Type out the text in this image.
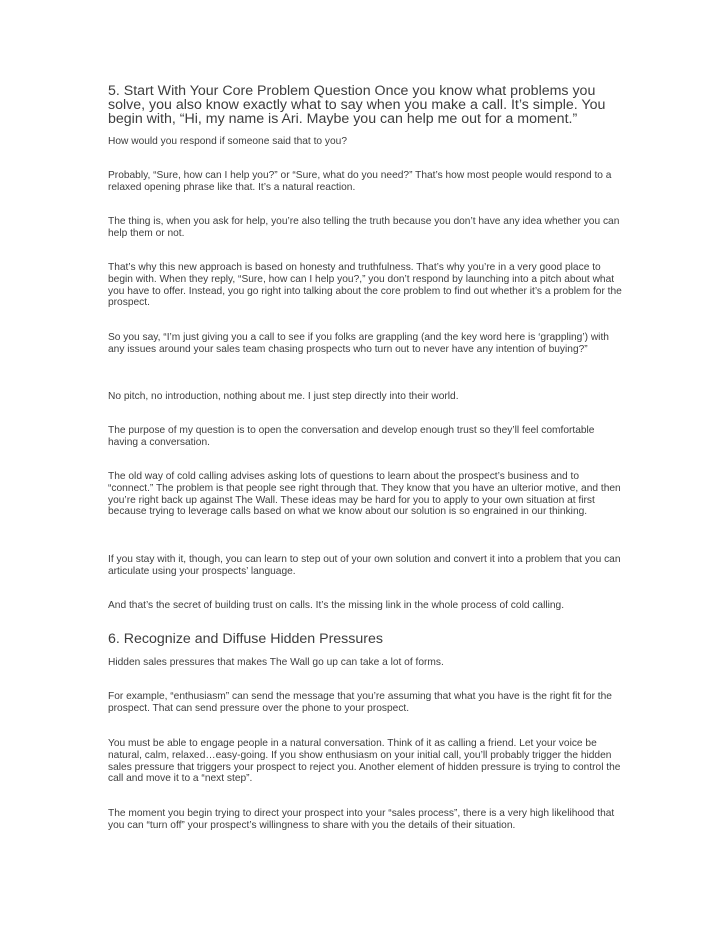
5. Start With Your Core Problem Question Once you know what problems you solve, you also know exactly what to say when you make a call. It’s simple. You begin with, “Hi, my name is Ari. Maybe you can help me out for a moment.”

How would you respond if someone said that to you?

Probably, “Sure, how can I help you?” or “Sure, what do you need?” That’s how most people would respond to a relaxed opening phrase like that. It’s a natural reaction.

The thing is, when you ask for help, you’re also telling the truth because you don’t have any idea whether you can help them or not.

That’s why this new approach is based on honesty and truthfulness. That’s why you’re in a very good place to begin with. When they reply, “Sure, how can I help you?,” you don’t respond by launching into a pitch about what you have to offer. Instead, you go right into talking about the core problem to find out whether it’s a problem for the prospect.

So you say, “I’m just giving you a call to see if you folks are grappling (and the key word here is ‘grappling’) with any issues around your sales team chasing prospects who turn out to never have any intention of buying?”

No pitch, no introduction, nothing about me. I just step directly into their world.

The purpose of my question is to open the conversation and develop enough trust so they’ll feel comfortable having a conversation.

The old way of cold calling advises asking lots of questions to learn about the prospect’s business and to “connect.” The problem is that people see right through that. They know that you have an ulterior motive, and then you’re right back up against The Wall. These ideas may be hard for you to apply to your own situation at first because trying to leverage calls based on what we know about our solution is so engrained in our thinking.

If you stay with it, though, you can learn to step out of your own solution and convert it into a problem that you can articulate using your prospects’ language.

And that’s the secret of building trust on calls. It’s the missing link in the whole process of cold calling.

6. Recognize and Diffuse Hidden Pressures

Hidden sales pressures that makes The Wall go up can take a lot of forms.

For example, “enthusiasm” can send the message that you’re assuming that what you have is the right fit for the prospect. That can send pressure over the phone to your prospect.

You must be able to engage people in a natural conversation. Think of it as calling a friend. Let your voice be natural, calm, relaxed…easy-going. If you show enthusiasm on your initial call, you’ll probably trigger the hidden sales pressure that triggers your prospect to reject you. Another element of hidden pressure is trying to control the call and move it to a “next step”.

The moment you begin trying to direct your prospect into your “sales process”, there is a very high likelihood that you can “turn off” your prospect’s willingness to share with you the details of their situation.
